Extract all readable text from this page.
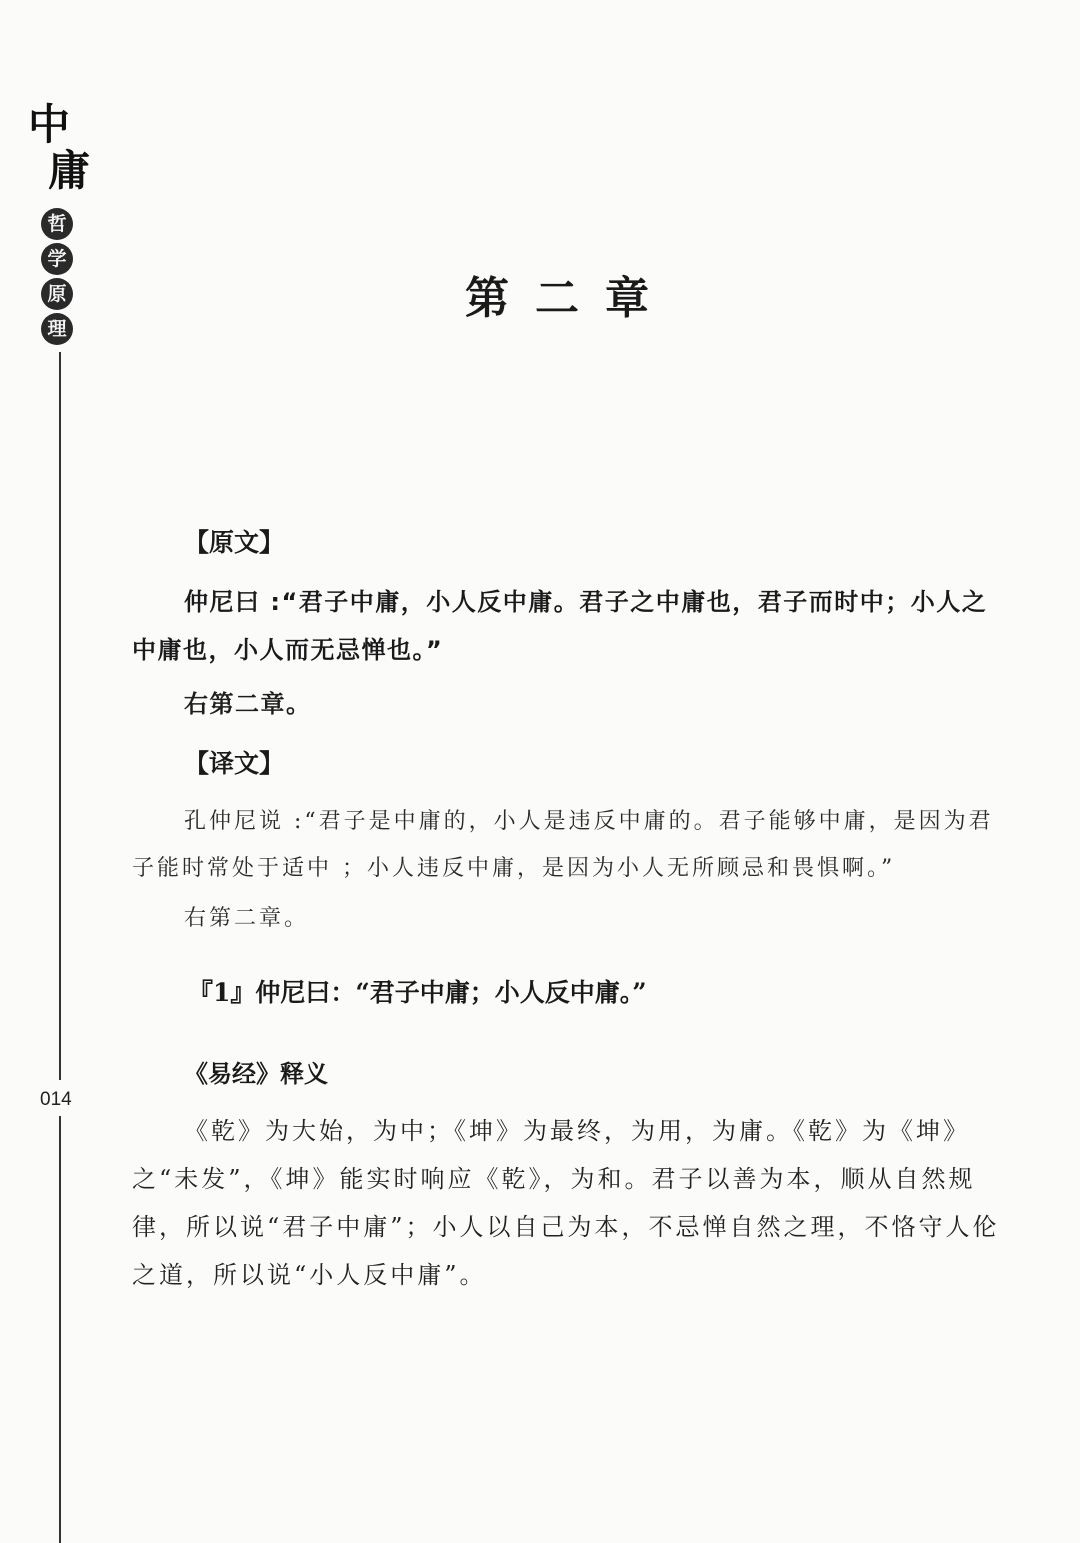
中
庸
哲
学
原
理
014
第二章
【原文】

仲尼曰 :“君子中庸，小人反中庸。君子之中庸也，君子而时中；小人之中庸也，小人而无忌惮也。”

右第二章。

【译文】

孔仲尼说 :“君子是中庸的，小人是违反中庸的。君子能够中庸，是因为君子能时常处于适中 ；小人违反中庸，是因为小人无所顾忌和畏惧啊。”

右第二章。

『1』仲尼曰：“君子中庸；小人反中庸。”
《易经》释义

《乾》为大始，为中；《坤》为最终，为用，为庸。《乾》为《坤》之“未发”，《坤》能实时响应《乾》，为和。君子以善为本，顺从自然规律，所以说“君子中庸”；小人以自己为本，不忌惮自然之理，不恪守人伦之道，所以说“小人反中庸”。
